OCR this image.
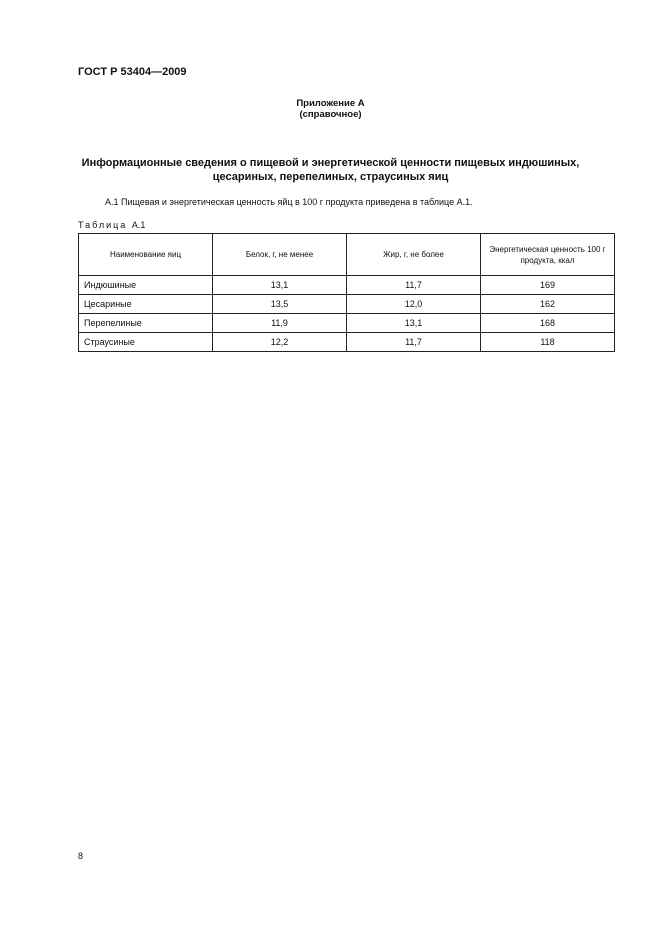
ГОСТ Р 53404—2009
Приложение А
(справочное)
Информационные сведения о пищевой и энергетической ценности пищевых индюшиных,
цесариных, перепелиных, страусиных яиц
А.1 Пищевая и энергетическая ценность яйц в 100 г продукта приведена в таблице А.1.
Таблица А.1
Наименование яиц	Белок, г, не менее	Жир, г, не более	Энергетическая ценность 100 г продукта, ккал
Индюшиные	13,1	11,7	169
Цесариные	13,5	12,0	162
Перепелиные	11,9	13,1	168
Страусиные	12,2	11,7	118
8
